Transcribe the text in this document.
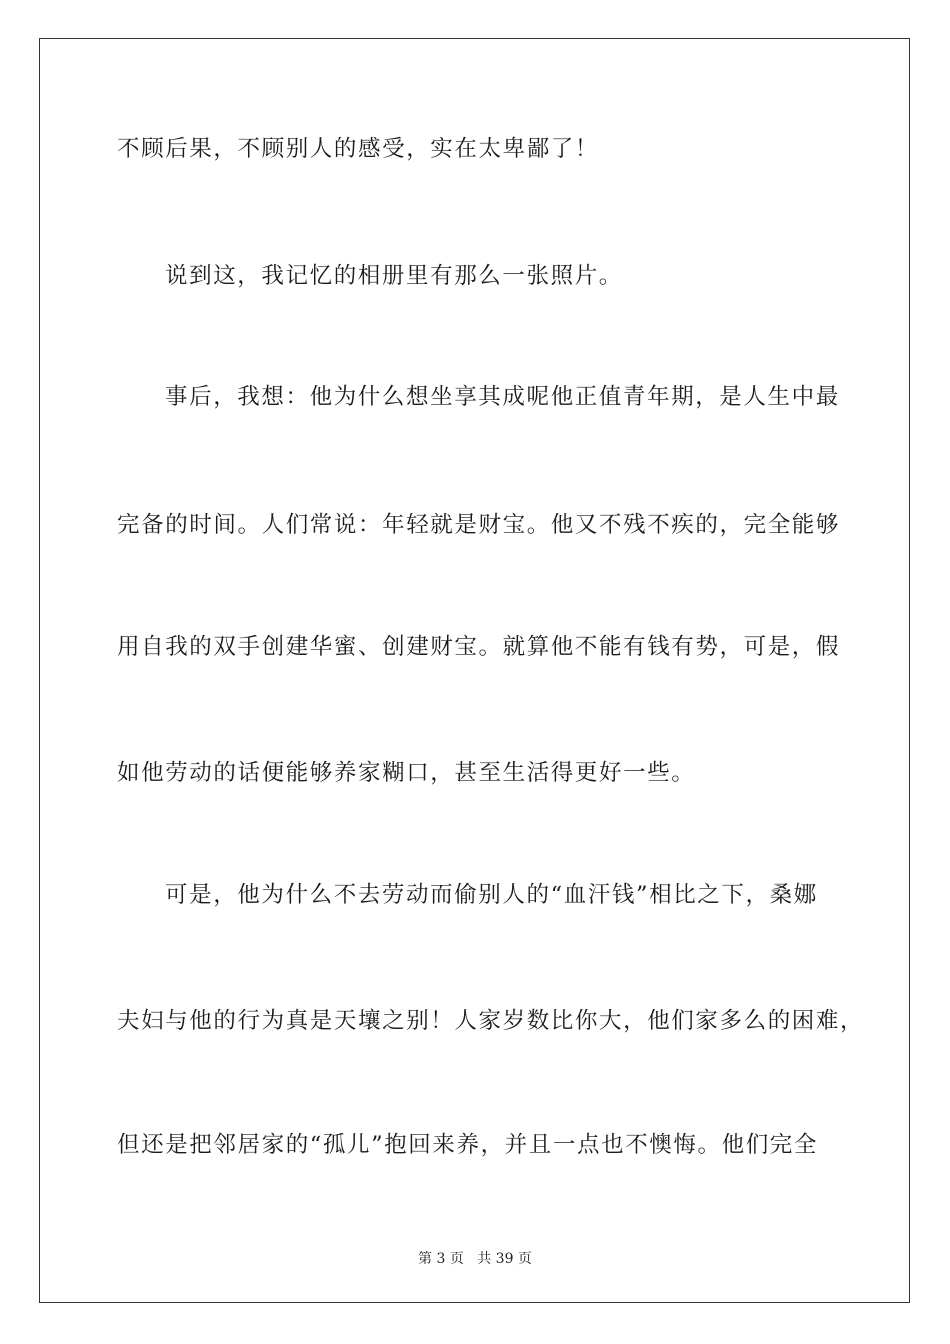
不顾后果，不顾别人的感受，实在太卑鄙了！

说到这，我记忆的相册里有那么一张照片。

事后，我想：他为什么想坐享其成呢他正值青年期，是人生中最

完备的时间。人们常说：年轻就是财宝。他又不残不疾的，完全能够

用自我的双手创建华蜜、创建财宝。就算他不能有钱有势，可是，假

如他劳动的话便能够养家糊口，甚至生活得更好一些。

可是，他为什么不去劳动而偷别人的“血汗钱”相比之下，桑娜

夫妇与他的行为真是天壤之别！人家岁数比你大，他们家多么的困难，

但还是把邻居家的“孤儿”抱回来养，并且一点也不懊悔。他们完全

第 3 页 共 39 页
